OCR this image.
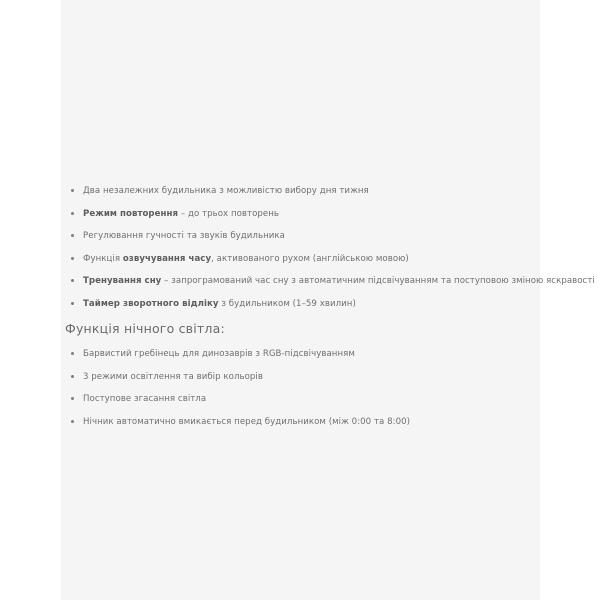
Два незалежних будильника з можливістю вибору дня тижня
Режим повторення – до трьох повторень
Регулювання гучності та звуків будильника
Функція озвучування часу, активованого рухом (англійською мовою)
Тренування сну – запрограмований час сну з автоматичним підсвічуванням та поступовою зміною яскравості
Таймер зворотного відліку з будильником (1–59 хвилин)
Функція нічного світла:
Барвистий гребінець для динозаврів з RGB-підсвічуванням
3 режими освітлення та вибір кольорів
Поступове згасання світла
Нічник автоматично вмикається перед будильником (між 0:00 та 8:00)
